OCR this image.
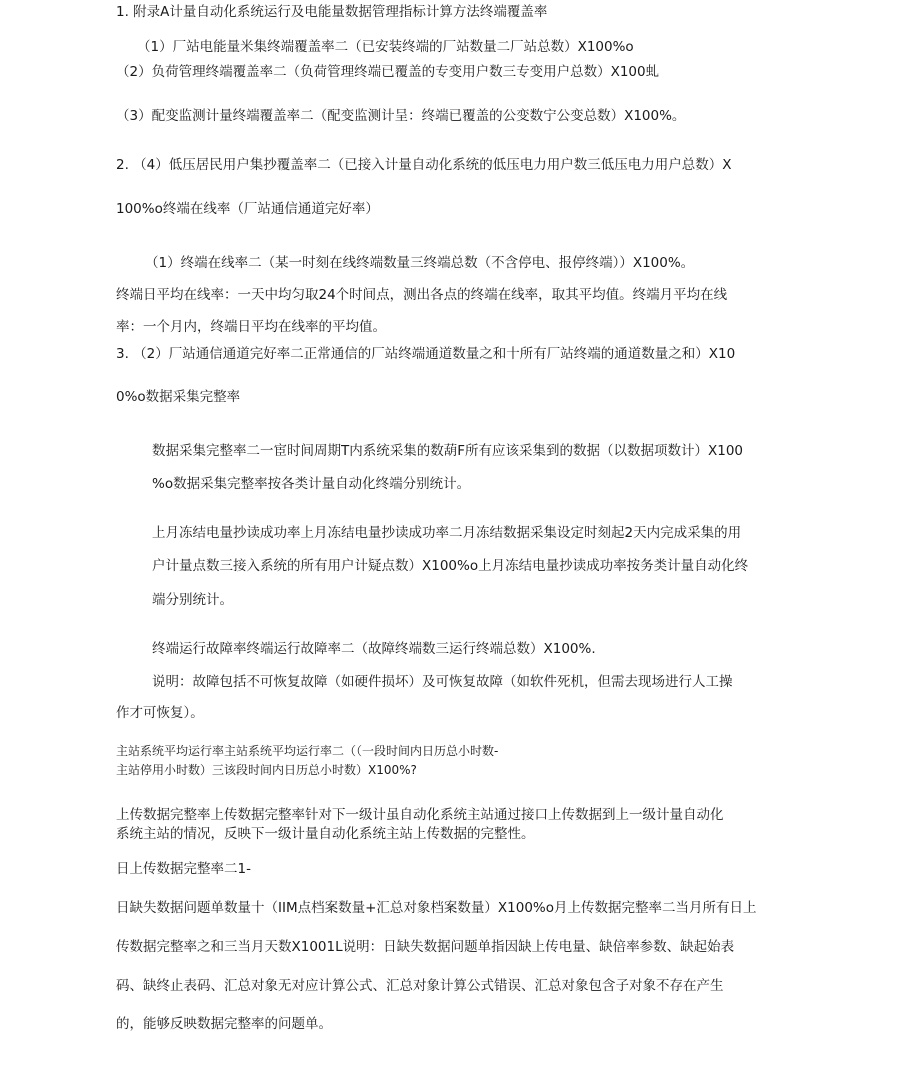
1. 附录A计量自动化系统运行及电能量数据管理指标计算方法终端覆盖率
（1）厂站电能量米集终端覆盖率二（已安装终端的厂站数量二厂站总数）X100%o
（2）负荷管理终端覆盖率二（负荷管理终端已覆盖的专变用户数三专变用户总数）X100虬
（3）配变监测计量终端覆盖率二（配变监测计呈：终端已覆盖的公变数宁公变总数）X100%。
2. （4）低压居民用户集抄覆盖率二（已接入计量自动化系统的低压电力用户数三低压电力用户总数）X
100%o终端在线率（厂站通信通道完好率）
（1）终端在线率二（某一时刻在线终端数量三终端总数（不含停电、报停终端））X100%。
终端日平均在线率：一天中均匀取24个时间点，测出各点的终端在线率，取其平均值。终端月平均在线
率：一个月内，终端日平均在线率的平均值。
3. （2）厂站通信通道完好率二正常通信的厂站终端通道数量之和十所有厂站终端的通道数量之和）X10
0%o数据采集完整率
数据采集完整率二一宦时间周期T内系统采集的数葫F所有应该采集到的数据（以数据项数计）X100
%o数据采集完整率按各类计量自动化终端分别统计。
上月冻结电量抄读成功率上月冻结电量抄读成功率二月冻结数据采集设定时刻起2天内完成采集的用
户计量点数三接入系统的所有用户计疑点数）X100%o上月冻结电量抄读成功率按务类计量自动化终
端分别统计。
终端运行故障率终端运行故障率二（故障终端数三运行终端总数）X100%.
说明：故障包括不可恢复故障（如硬件损坏）及可恢复故障（如软件死机，但需去现场进行人工操
作才可恢复）。
主站系统平均运行率主站系统平均运行率二（（一段时间内日历总小时数-
主站停用小时数）三该段时间内日历总小时数）X100%?
上传数据完整率上传数据完整率针对下一级计虽自动化系统主站通过接口上传数据到上一级计量自动化
系统主站的情况，反映下一级计量自动化系统主站上传数据的完整性。
日上传数据完整率二1-
日缺失数据问题单数量十（IIM点档案数量+汇总对象档案数量）X100%o月上传数据完整率二当月所有日上
传数据完整率之和三当月天数X1001L说明：日缺失数据问题单指因缺上传电量、缺倍率参数、缺起始表
码、缺终止表码、汇总对象无对应计算公式、汇总对象计算公式错误、汇总对象包含子对象不存在产生
的，能够反映数据完整率的问题单。
